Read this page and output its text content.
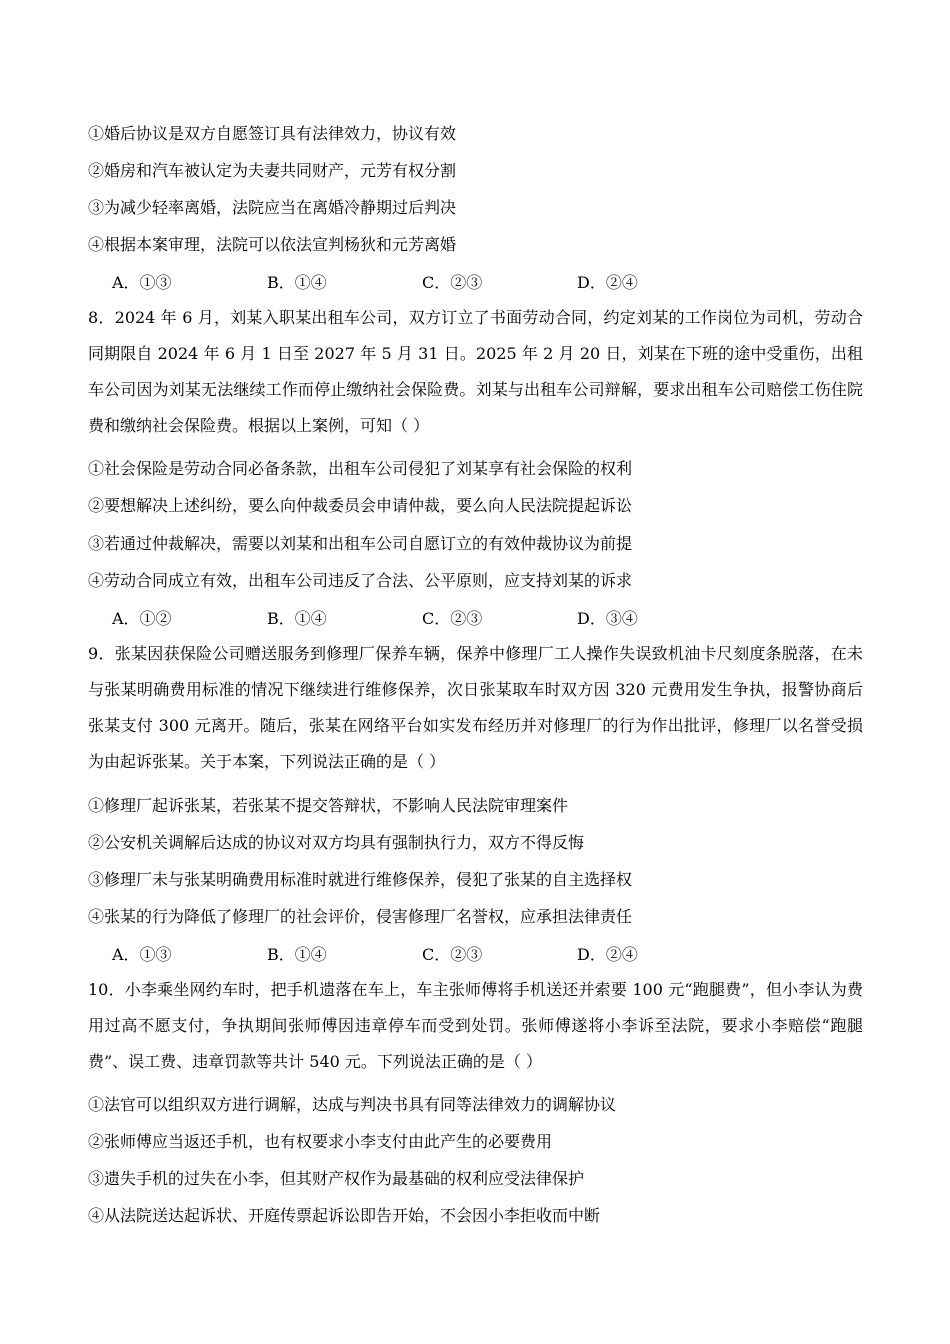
①婚后协议是双方自愿签订具有法律效力，协议有效
②婚房和汽车被认定为夫妻共同财产，元芳有权分割
③为减少轻率离婚，法院应当在离婚冷静期过后判决
④根据本案审理，法院可以依法宣判杨狄和元芳离婚
A．①③	B．①④	C．②③	D．②④
8．2024 年 6 月，刘某入职某出租车公司，双方订立了书面劳动合同，约定刘某的工作岗位为司机，劳动合同期限自 2024 年 6 月 1 日至 2027 年 5 月 31 日。2025 年 2 月 20 日，刘某在下班的途中受重伤，出租车公司因为刘某无法继续工作而停止缴纳社会保险费。刘某与出租车公司辩解，要求出租车公司赔偿工伤住院费和缴纳社会保险费。根据以上案例，可知（ ）
①社会保险是劳动合同必备条款，出租车公司侵犯了刘某享有社会保险的权利
②要想解决上述纠纷，要么向仲裁委员会申请仲裁，要么向人民法院提起诉讼
③若通过仲裁解决，需要以刘某和出租车公司自愿订立的有效仲裁协议为前提
④劳动合同成立有效，出租车公司违反了合法、公平原则，应支持刘某的诉求
A．①②	B．①④	C．②③	D．③④
9．张某因获保险公司赠送服务到修理厂保养车辆，保养中修理厂工人操作失误致机油卡尺刻度条脱落，在未与张某明确费用标准的情况下继续进行维修保养，次日张某取车时双方因 320 元费用发生争执，报警协商后张某支付 300 元离开。随后，张某在网络平台如实发布经历并对修理厂的行为作出批评，修理厂以名誉受损为由起诉张某。关于本案，下列说法正确的是（ ）
①修理厂起诉张某，若张某不提交答辩状，不影响人民法院审理案件
②公安机关调解后达成的协议对双方均具有强制执行力，双方不得反悔
③修理厂未与张某明确费用标准时就进行维修保养，侵犯了张某的自主选择权
④张某的行为降低了修理厂的社会评价，侵害修理厂名誉权，应承担法律责任
A．①③	B．①④	C．②③	D．②④
10．小李乘坐网约车时，把手机遗落在车上，车主张师傅将手机送还并索要 100 元“跑腿费”，但小李认为费用过高不愿支付，争执期间张师傅因违章停车而受到处罚。张师傅遂将小李诉至法院，要求小李赔偿“跑腿费”、误工费、违章罚款等共计 540 元。下列说法正确的是（ ）
①法官可以组织双方进行调解，达成与判决书具有同等法律效力的调解协议
②张师傅应当返还手机，也有权要求小李支付由此产生的必要费用
③遗失手机的过失在小李，但其财产权作为最基础的权利应受法律保护
④从法院送达起诉状、开庭传票起诉讼即告开始，不会因小李拒收而中断
